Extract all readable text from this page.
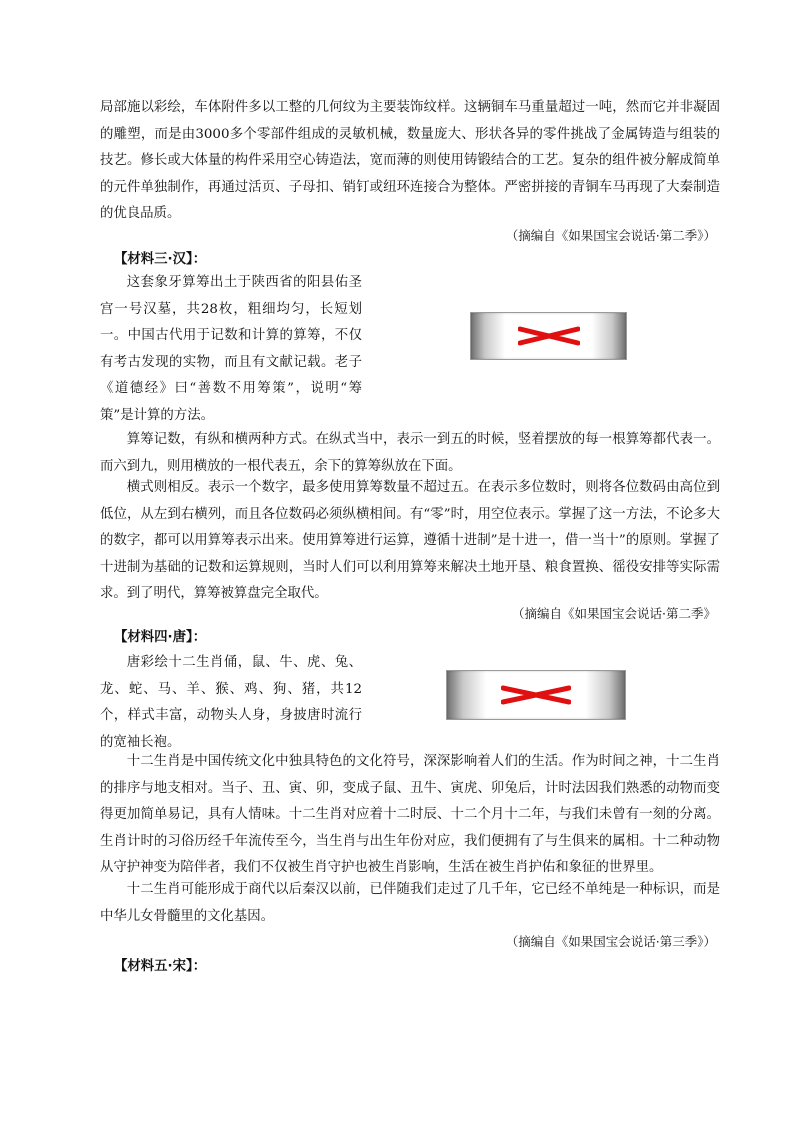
局部施以彩绘，车体附件多以工整的几何纹为主要装饰纹样。这辆铜车马重量超过一吨，然而它并非凝固的雕塑，而是由3000多个零部件组成的灵敏机械，数量庞大、形状各异的零件挑战了金属铸造与组装的技艺。修长或大体量的构件采用空心铸造法，宽而薄的则使用铸锻结合的工艺。复杂的组件被分解成简单的元件单独制作，再通过活页、子母扣、销钉或纽环连接合为整体。严密拼接的青铜车马再现了大秦制造的优良品质。

（摘编自《如果国宝会说话·第二季》）

【材料三·汉】：

这套象牙算筹出土于陕西省的阳县佑圣宫一号汉墓，共28枚，粗细均匀，长短划一。中国古代用于记数和计算的算筹，不仅有考古发现的实物，而且有文献记载。老子《道德经》曰“善数不用筹策”，说明“筹策”是计算的方法。

算筹记数，有纵和横两种方式。在纵式当中，表示一到五的时候，竖着摆放的每一根算筹都代表一。而六到九，则用横放的一根代表五，余下的算筹纵放在下面。

横式则相反。表示一个数字，最多使用算筹数量不超过五。在表示多位数时，则将各位数码由高位到低位，从左到右横列，而且各位数码必须纵横相间。有“零”时，用空位表示。掌握了这一方法，不论多大的数字，都可以用算筹表示出来。使用算筹进行运算，遵循十进制”是十进一，借一当十”的原则。掌握了十进制为基础的记数和运算规则，当时人们可以利用算筹来解决土地开垦、粮食置换、徭役安排等实际需求。到了明代，算筹被算盘完全取代。

（摘编自《如果国宝会说话·第二季》

【材料四·唐】：

唐彩绘十二生肖俑，鼠、牛、虎、兔、龙、蛇、马、羊、猴、鸡、狗、猪，共12个，样式丰富，动物头人身，身披唐时流行的宽袖长袍。

十二生肖是中国传统文化中独具特色的文化符号，深深影响着人们的生活。作为时间之神，十二生肖的排序与地支相对。当子、丑、寅、卯，变成子鼠、丑牛、寅虎、卯兔后，计时法因我们熟悉的动物而变得更加简单易记，具有人情味。十二生肖对应着十二时辰、十二个月十二年，与我们未曾有一刻的分离。生肖计时的习俗历经千年流传至今，当生肖与出生年份对应，我们便拥有了与生俱来的属相。十二种动物从守护神变为陪伴者，我们不仅被生肖守护也被生肖影响，生活在被生肖护佑和象征的世界里。

十二生肖可能形成于商代以后秦汉以前，已伴随我们走过了几千年，它已经不单纯是一种标识，而是中华儿女骨髓里的文化基因。

（摘编自《如果国宝会说话·第三季》）

【材料五·宋】：
